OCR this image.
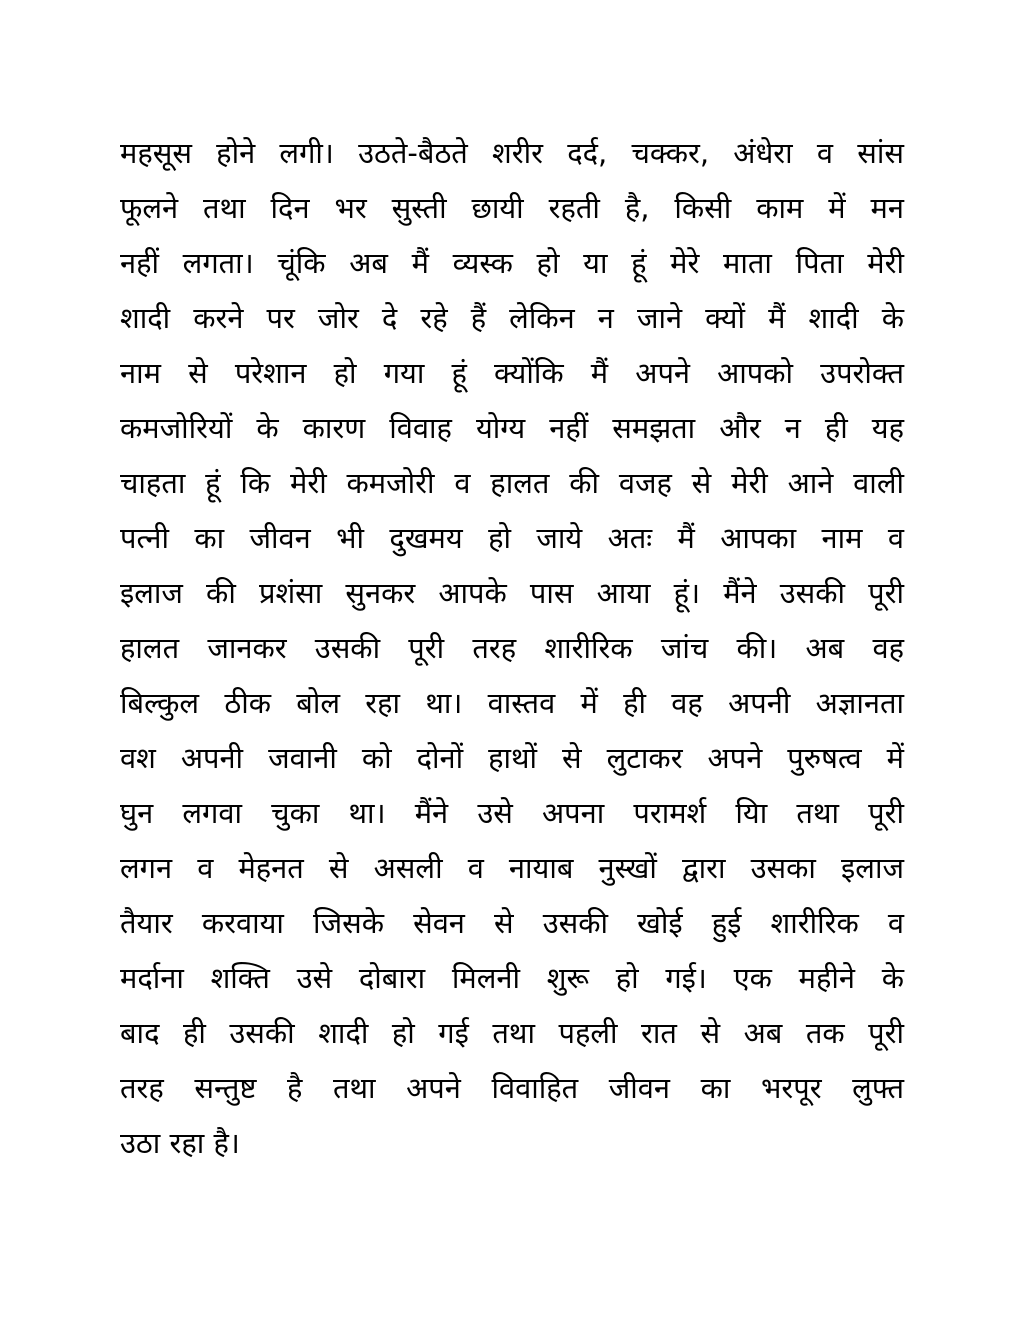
महसूस होने लगी। उठते-बैठते शरीर दर्द, चक्कर, अंधेरा व सांस
फूलने तथा दिन भर सुस्ती छायी रहती है, किसी काम में मन
नहीं लगता। चूंकि अब मैं व्यस्क हो या हूं मेरे माता पिता मेरी
शादी करने पर जोर दे रहे हैं लेकिन न जाने क्यों मैं शादी के
नाम से परेशान हो गया हूं क्योंकि मैं अपने आपको उपरोक्त
कमजोरियों के कारण विवाह योग्य नहीं समझता और न ही यह
चाहता हूं कि मेरी कमजोरी व हालत की वजह से मेरी आने वाली
पत्नी का जीवन भी दुखमय हो जाये अतः मैं आपका नाम व
इलाज की प्रशंसा सुनकर आपके पास आया हूं। मैंने उसकी पूरी
हालत जानकर उसकी पूरी तरह शारीरिक जांच की। अब वह
बिल्कुल ठीक बोल रहा था। वास्तव में ही वह अपनी अज्ञानता
वश अपनी जवानी को दोनों हाथों से लुटाकर अपने पुरुषत्व में
घुन लगवा चुका था। मैंने उसे अपना परामर्श यिा तथा पूरी
लगन व मेहनत से असली व नायाब नुस्खों द्वारा उसका इलाज
तैयार करवाया जिसके सेवन से उसकी खोई हुई शारीरिक व
मर्दाना शक्ति उसे दोबारा मिलनी शुरू हो गई। एक महीने के
बाद ही उसकी शादी हो गई तथा पहली रात से अब तक पूरी
तरह सन्तुष्ट है तथा अपने विवाहित जीवन का भरपूर लुफ्त
उठा रहा है।
